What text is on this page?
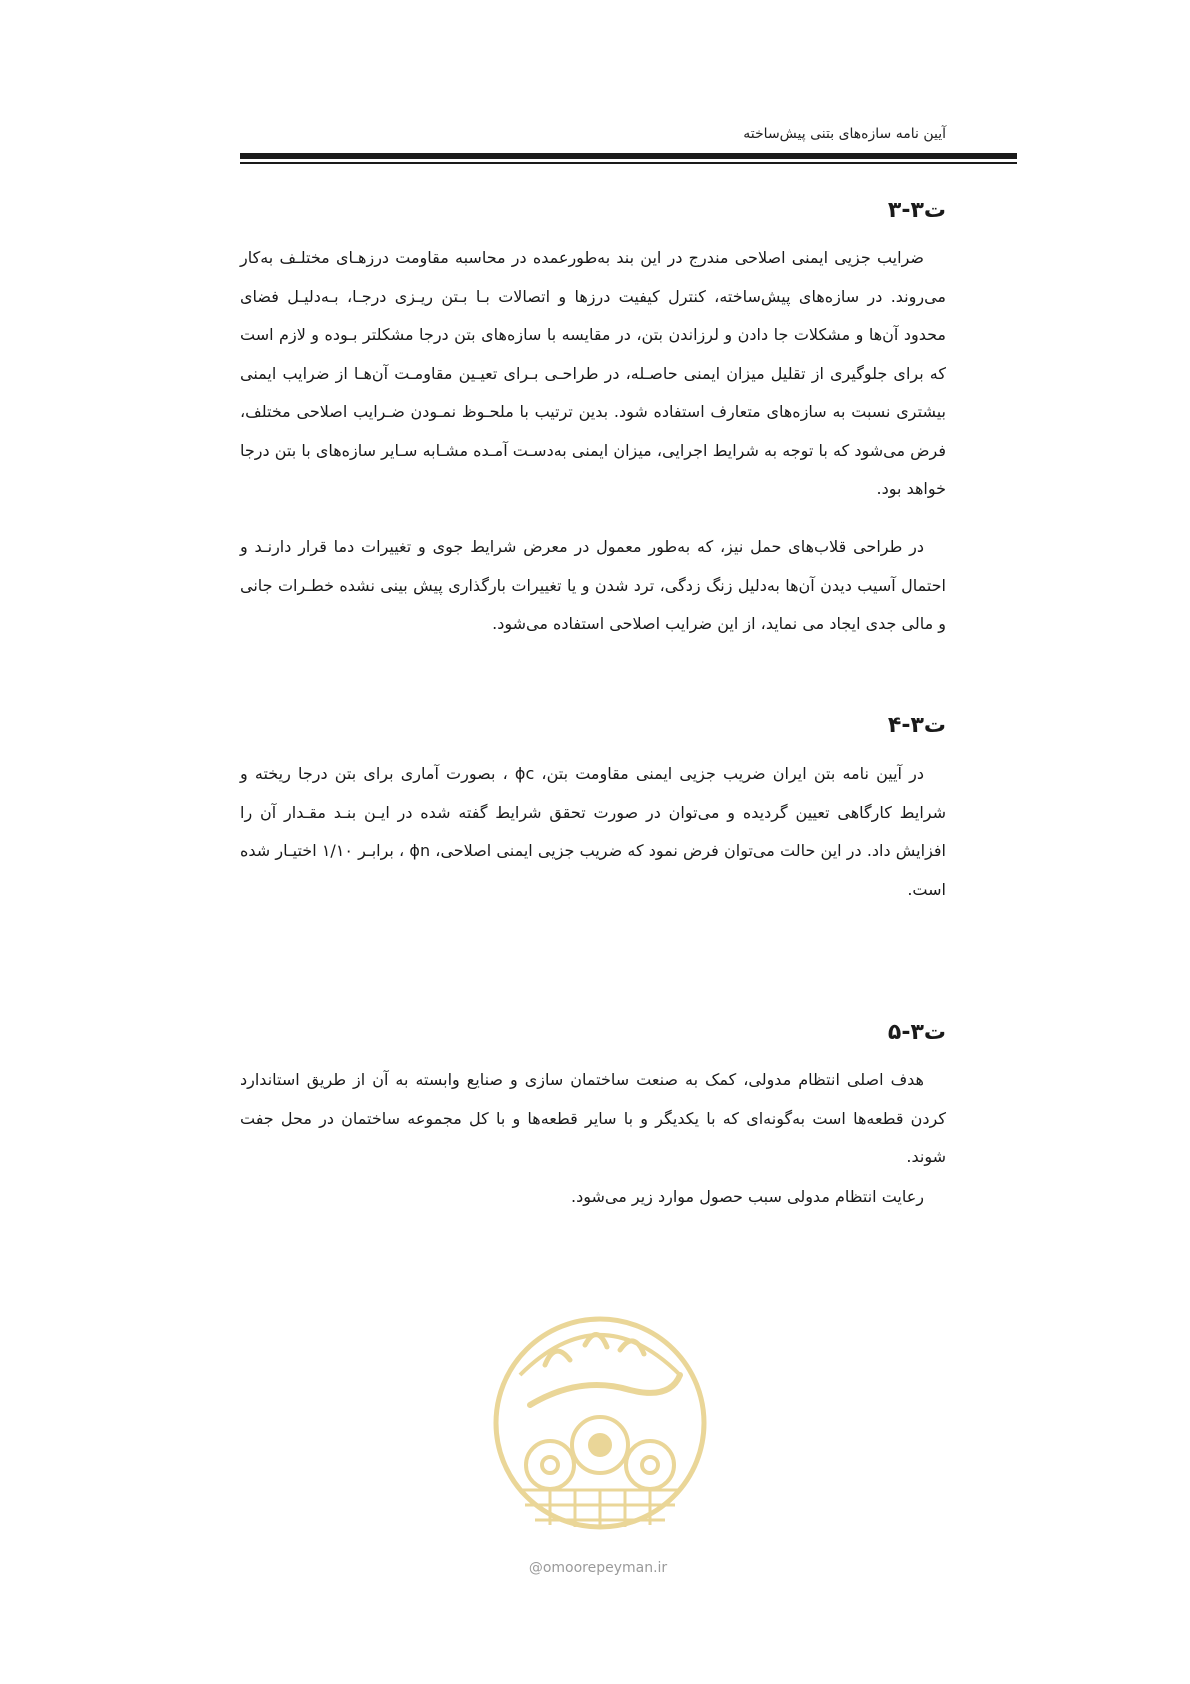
آیین نامه سازه‌های بتنی پیش‌ساخته
ت۳-۳
ضرایب جزیی ایمنی اصلاحی مندرج در این بند به‌طورعمده در محاسبه مقاومت درزهـای مختلـف به‌کار می‌روند. در سازه‌های پیش‌ساخته، کنترل کیفیت درزها و اتصالات بـا بـتن ریـزی درجـا، بـه‌دلیـل فضای محدود آن‌ها و مشکلات جا دادن و لرزاندن بتن، در مقایسه با سازه‌های بتن درجا مشکلتر بـوده و لازم است که برای جلوگیری از تقلیل میزان ایمنی حاصـله، در طراحـی بـرای تعیـین مقاومـت آن‌هـا از ضرایب ایمنی بیشتری نسبت به سازه‌های متعارف استفاده شود. بدین ترتیب با ملحـوظ نمـودن ضـرایب اصلاحی مختلف، فرض می‌شود که با توجه به شرایط اجرایی، میزان ایمنی به‌دسـت آمـده مشـابه سـایر سازه‌های با بتن درجا خواهد بود.
در طراحی قلاب‌های حمل نیز، که به‌طور معمول در معرض شرایط جوی و تغییرات دما قرار دارنـد و احتمال آسیب دیدن آن‌ها به‌دلیل زنگ زدگی، ترد شدن و یا تغییرات بارگذاری پیش بینی نشده خطـرات جانی و مالی جدی ایجاد می نماید، از این ضرایب اصلاحی استفاده می‌شود.
ت۳-۴
در آیین نامه بتن ایران ضریب جزیی ایمنی مقاومت بتن، ϕc ، بصورت آماری برای بتن درجا ریخته و شرایط کارگاهی تعیین گردیده و می‌توان در صورت تحقق شرایط گفته شده در ایـن بنـد مقـدار آن را افزایش داد. در این حالت می‌توان فرض نمود که ضریب جزیی ایمنی اصلاحی، ϕn ، برابـر ۱/۱۰ اختیـار شده است.
ت۳-۵
هدف اصلی انتظام مدولی، کمک به صنعت ساختمان سازی و صنایع وابسته به آن از طریق استاندارد کردن قطعه‌ها است به‌گونه‌ای که با یکدیگر و با سایر قطعه‌ها و با کل مجموعه ساختمان در محل جفت شوند.
رعایت انتظام مدولی سبب حصول موارد زیر می‌شود.
@omoorepeyman.ir
